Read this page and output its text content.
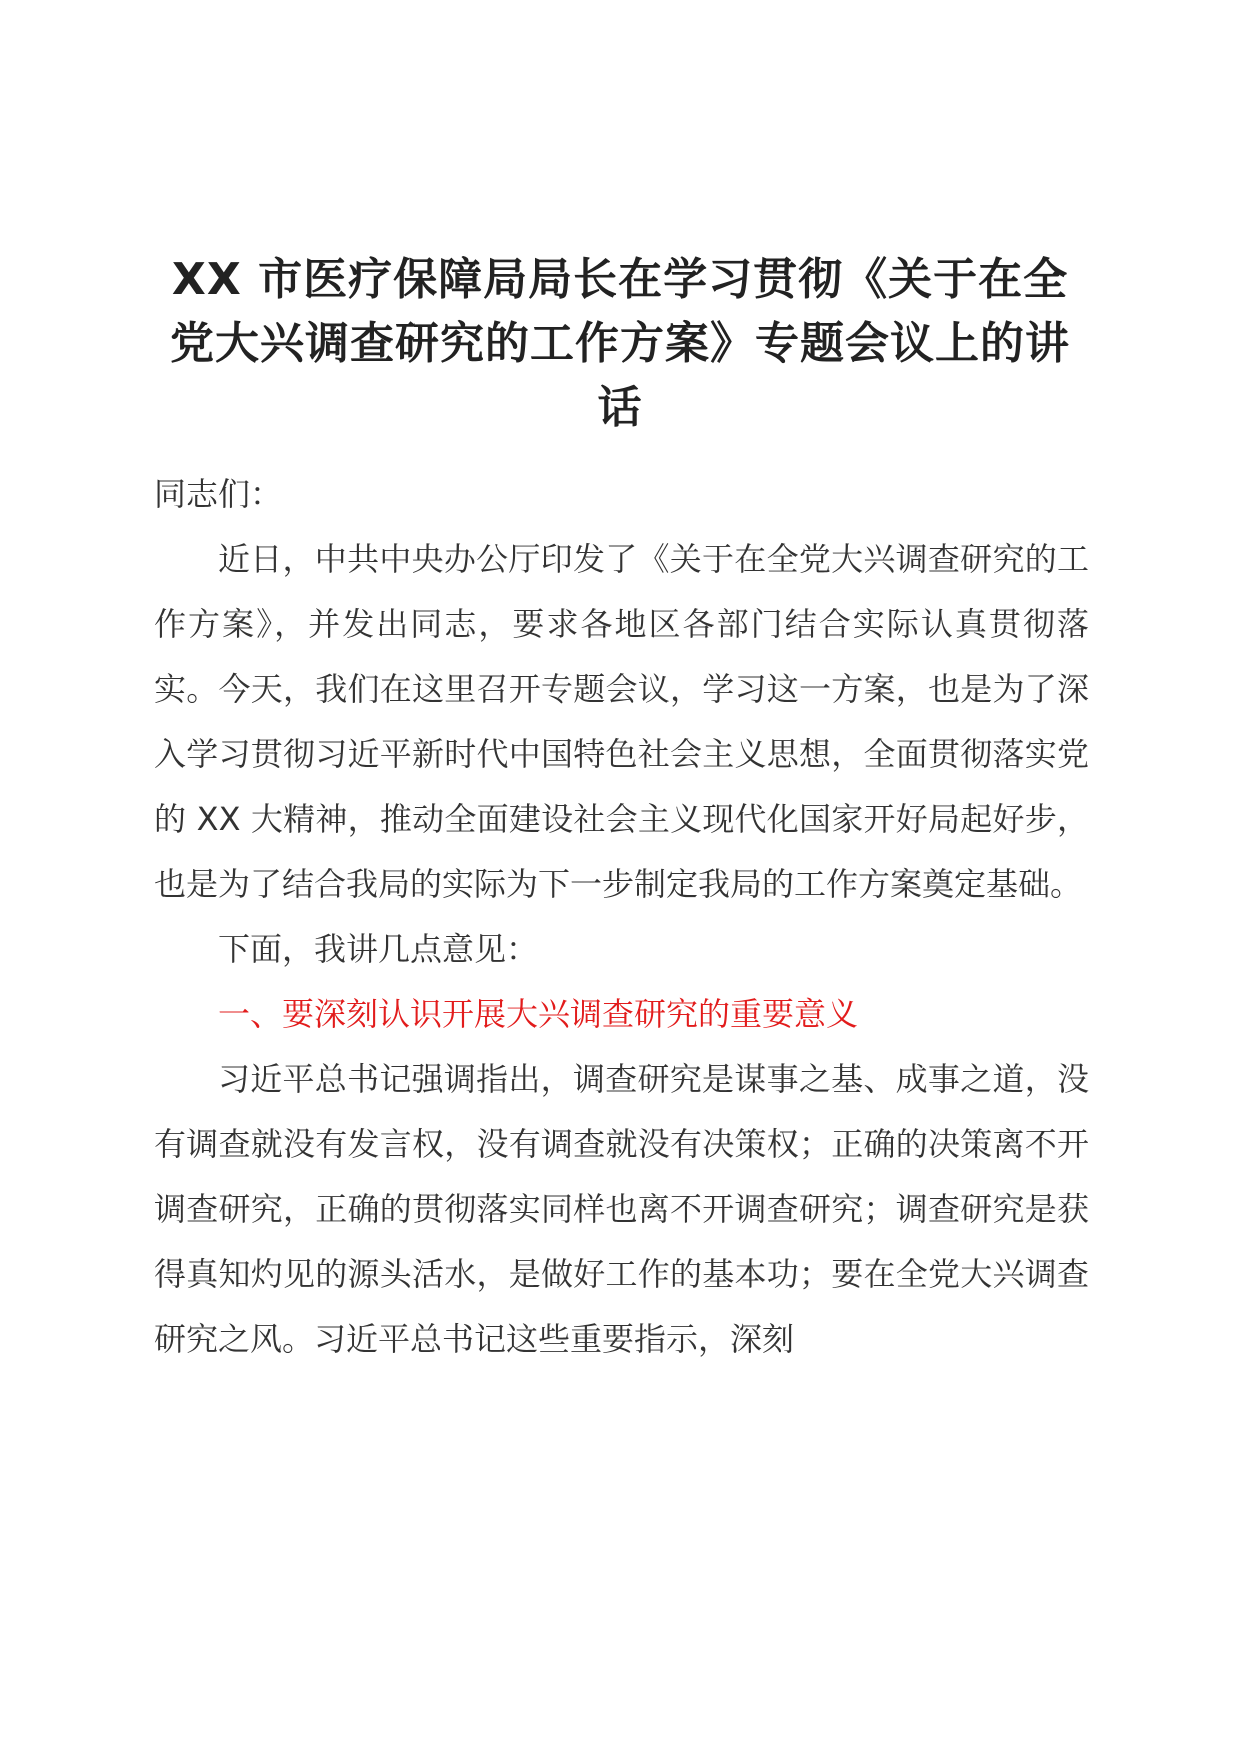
XX 市医疗保障局局长在学习贯彻《关于在全党大兴调查研究的工作方案》专题会议上的讲话

同志们：

近日，中共中央办公厅印发了《关于在全党大兴调查研究的工作方案》，并发出同志，要求各地区各部门结合实际认真贯彻落实。今天，我们在这里召开专题会议，学习这一方案，也是为了深入学习贯彻习近平新时代中国特色社会主义思想，全面贯彻落实党的 XX 大精神，推动全面建设社会主义现代化国家开好局起好步，也是为了结合我局的实际为下一步制定我局的工作方案奠定基础。

下面，我讲几点意见：

一、要深刻认识开展大兴调查研究的重要意义

习近平总书记强调指出，调查研究是谋事之基、成事之道，没有调查就没有发言权，没有调查就没有决策权；正确的决策离不开调查研究，正确的贯彻落实同样也离不开调查研究；调查研究是获得真知灼见的源头活水，是做好工作的基本功；要在全党大兴调查研究之风。习近平总书记这些重要指示，深刻
